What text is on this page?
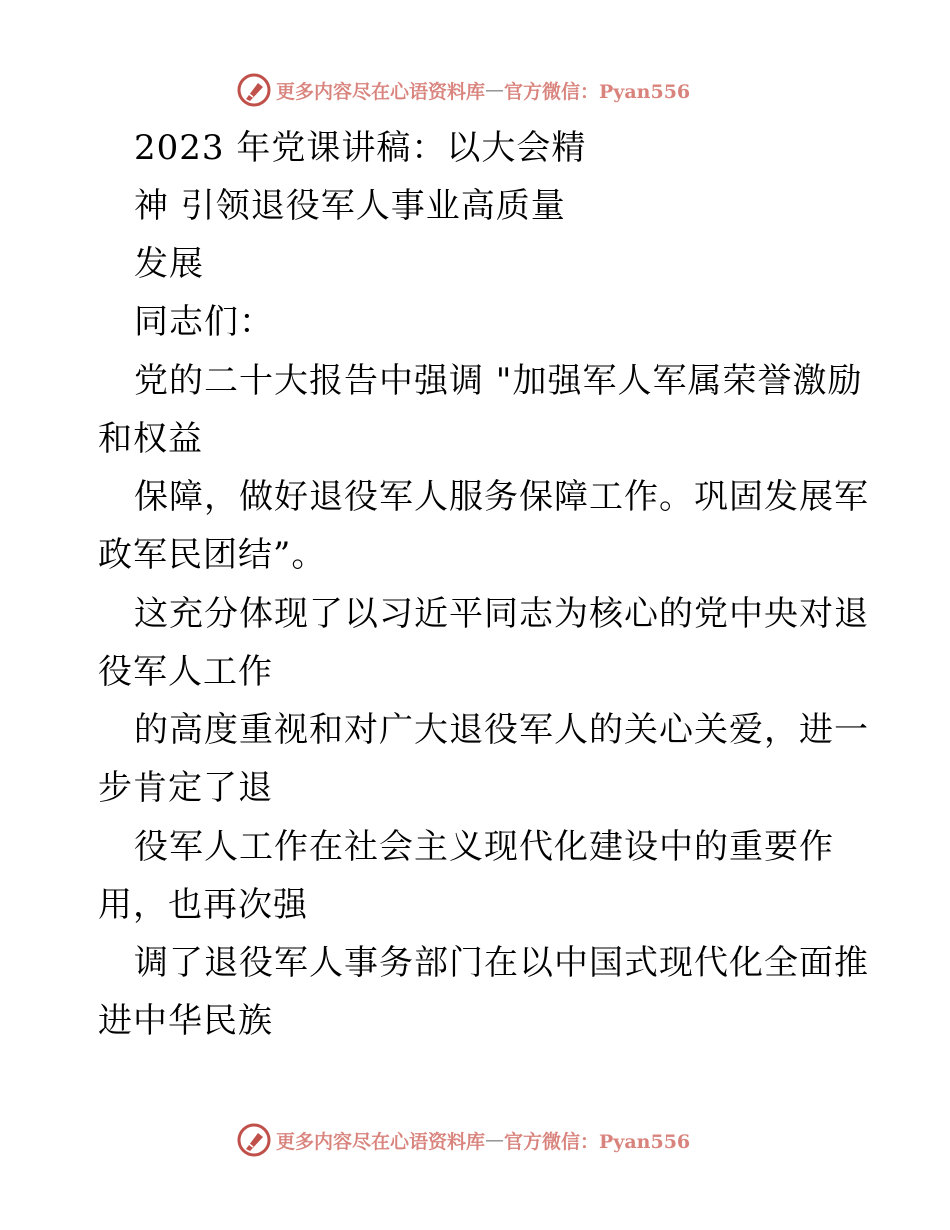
更多内容尽在心语资料库 — 官方微信：Pyan556

2023 年党课讲稿：以大会精

神 引领退役军人事业高质量

发展

同志们：

党的二十大报告中强调 "加强军人军属荣誉激励

和权益

保障，做好退役军人服务保障工作。巩固发展军

政军民团结”。

这充分体现了以习近平同志为核心的党中央对退

役军人工作

的高度重视和对广大退役军人的关心关爱，进一

步肯定了退

役军人工作在社会主义现代化建设中的重要作

用，也再次强

调了退役军人事务部门在以中国式现代化全面推

进中华民族

更多内容尽在心语资料库 — 官方微信：Pyan556
